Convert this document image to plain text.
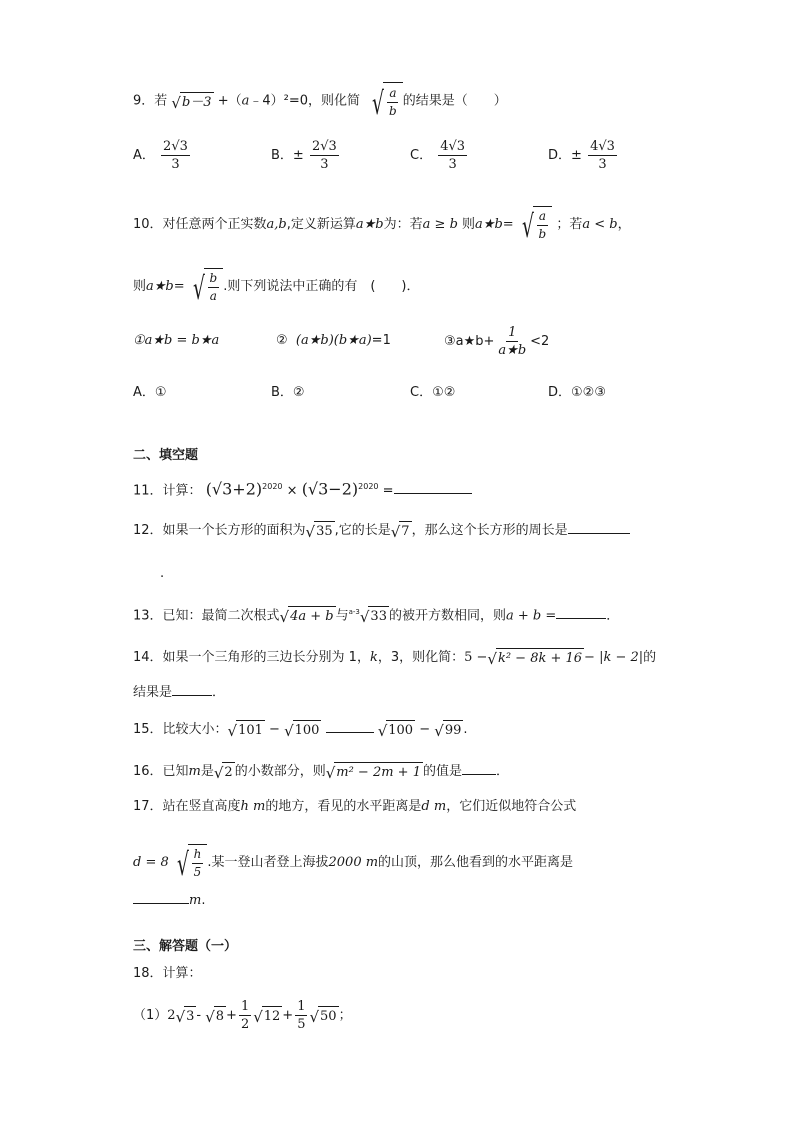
9．若 √ b－3 +（a﹣4）²=0，则化简 √ $\frac{a}{b}$ 的结果是（　　）
A． $\frac{2√3}{3}$	B．± $\frac{2√3}{3}$	C． $\frac{4√3}{3}$	D．± $\frac{4√3}{3}$
10．对任意两个正实数a,b,定义新运算a★b为：若a ≥ b 则a★b= √ $\frac{a}{b}$ ；若a < b，
则a★b= √ $\frac{b}{a}$ .则下列说法中正确的有　(　　)．
①a★b = b★a	② (a★b)(b★a)=1	③a★b+ $\frac{1}{a★b} <2$
A．①	B．②	C．①②	D．①②③
二、填空题
11．计算： $(√3+2)^{2020} \times (√3-2)^{2020}$ =
12．如果一个长方形的面积为 √ 35 ,它的长是 √ 7 ，那么这个长方形的周长是
.
13．已知：最简二次根式 √ 4a + b 与$^{a-3}$ √ 33 的被开方数相同，则a + b =	．
14．如果一个三角形的三边长分别为 1，k，3，则化简：5 − √ k² − 8k + 16 − |k − 2|的
结果是	．
15．比较大小： √ 101 − √ 100
	√ 100 − √ 99 .
16．已知m是 √ 2 的小数部分，则 √ m² − 2m + 1 的值是	．
17．站在竖直高度h m的地方，看见的水平距离是d m，它们近似地符合公式
d = 8 √ $\frac{h}{5}$ .某一登山者登上海拔2000 m的山顶，那么他看到的水平距离是
m.
三、解答题（一）
18．计算：
（1）2 √ 3 - √ $8 + \frac{1}{2}$ √ $12 + \frac{1}{5}$ √ 50 ；
